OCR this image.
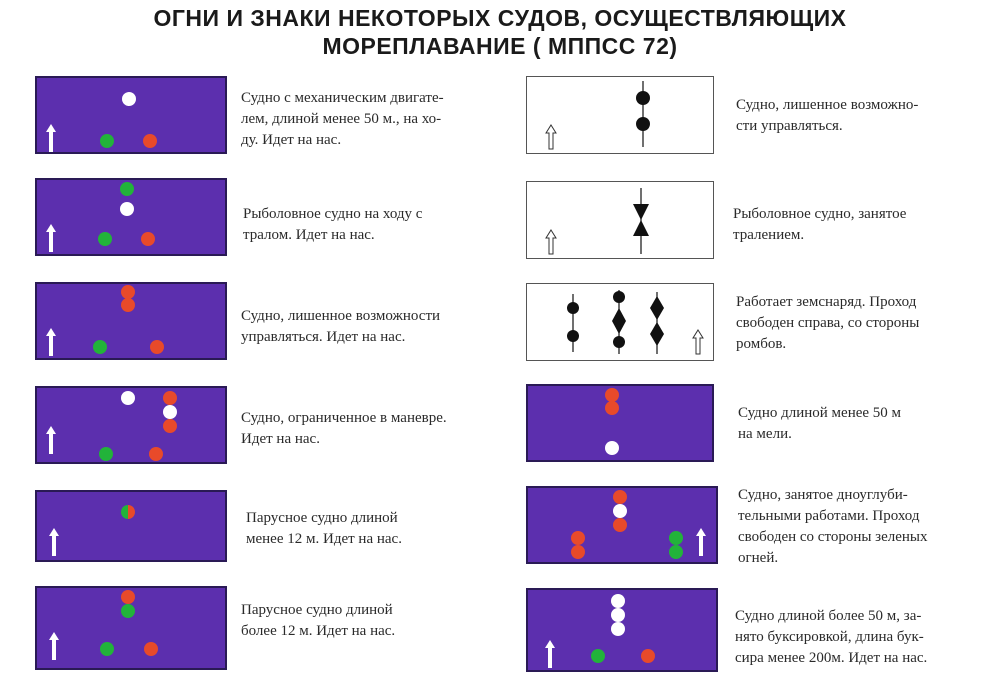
ОГНИ И ЗНАКИ НЕКОТОРЫХ СУДОВ, ОСУЩЕСТВЛЯЮЩИХ
МОРЕПЛАВАНИЕ ( МППСС 72)
Судно с механическим двигате-
лем, длиной менее 50 м., на хо-
ду. Идет на нас.
Рыболовное судно на ходу с
тралом. Идет на нас.
Судно, лишенное возможности
управляться. Идет на нас.
Судно, ограниченное в маневре.
Идет на нас.
Парусное судно длиной
менее 12 м. Идет на нас.
Парусное судно длиной
более 12 м. Идет на нас.
Судно, лишенное возможно-
сти управляться.
Рыболовное судно, занятое
тралением.
Работает земснаряд. Проход
свободен справа, со стороны
ромбов.
Судно длиной менее 50 м
на мели.
Судно, занятое дноуглуби-
тельными работами. Проход
свободен со стороны зеленых
огней.
Судно длиной более 50 м, за-
нято буксировкой, длина бук-
сира менее 200м. Идет на нас.
